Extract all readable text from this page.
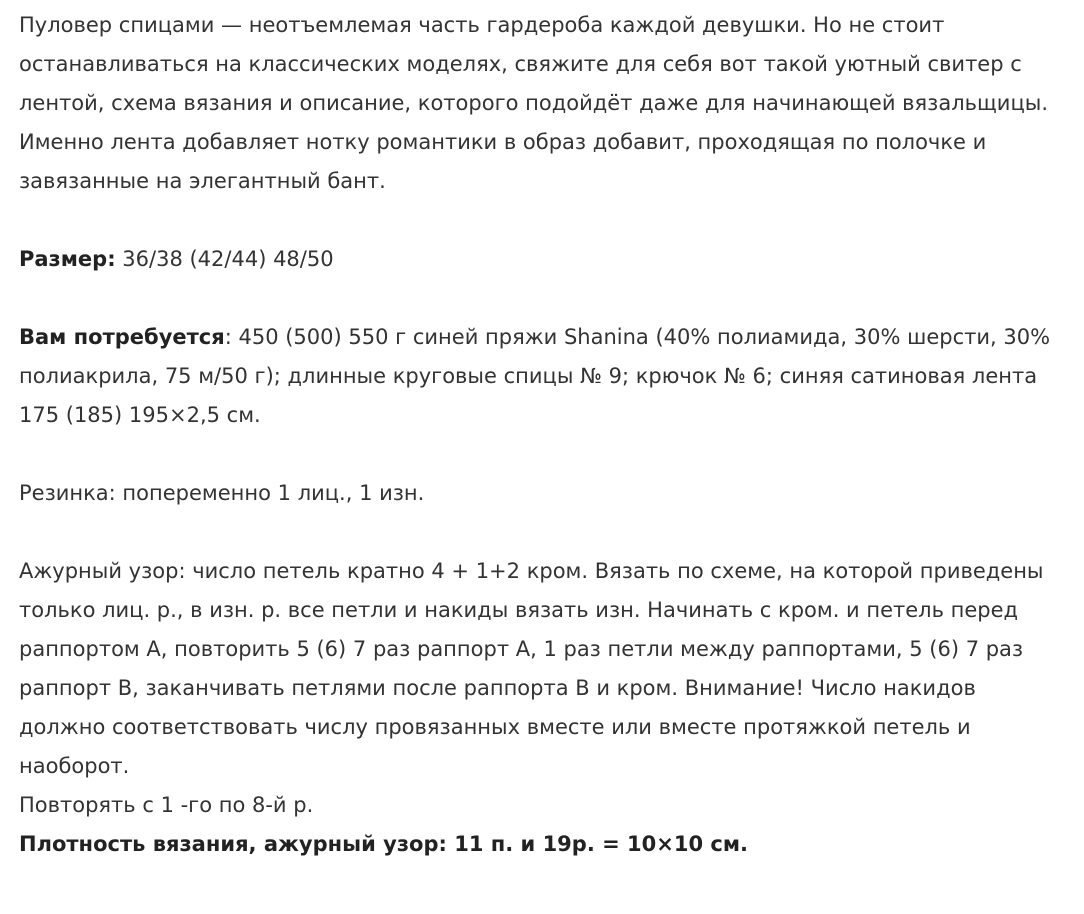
Пуловер спицами — неотъемлемая часть гардероба каждой девушки. Но не стоит останавливаться на классических моделях, свяжите для себя вот такой уютный свитер с лентой, схема вязания и описание, которого подойдёт даже для начинающей вязальщицы. Именно лента добавляет нотку романтики в образ добавит, проходящая по полочке и завязанные на элегантный бант.

Размер: 36/38 (42/44) 48/50

Вам потребуется: 450 (500) 550 г синей пряжи Shanina (40% полиамида, 30% шерсти, 30% полиакрила, 75 м/50 г); длинные круговые спицы № 9; крючок № 6; синяя сатиновая лента 175 (185) 195×2,5 см.

Резинка: попеременно 1 лиц., 1 изн.

Ажурный узор: число петель кратно 4 + 1+2 кром. Вязать по схеме, на которой приведены только лиц. р., в изн. р. все петли и накиды вязать изн. Начинать с кром. и петель перед раппортом А, повторить 5 (6) 7 раз раппорт А, 1 раз петли между раппортами, 5 (6) 7 раз раппорт В, заканчивать петлями после раппорта В и кром. Внимание! Число накидов должно соответствовать числу провязанных вместе или вместе протяжкой петель и наоборот.

Повторять с 1 -го по 8-й р.

Плотность вязания, ажурный узор: 11 п. и 19р. = 10×10 см.
